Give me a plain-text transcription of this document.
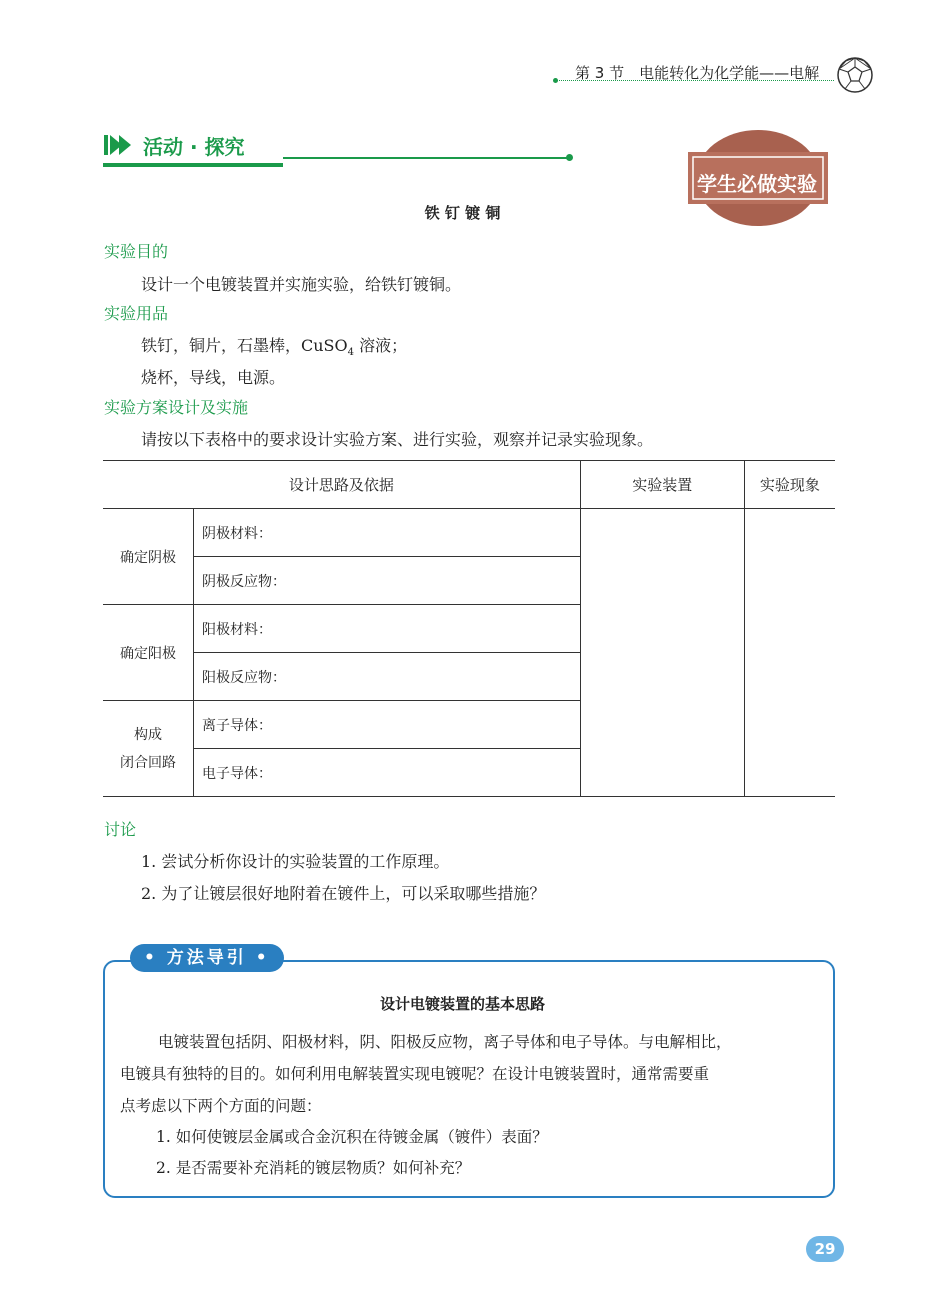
第 3 节　电能转化为化学能——电解
活动 · 探究
学生必做实验
铁 钉 镀 铜
实验目的
设计一个电镀装置并实施实验，给铁钉镀铜。
实验用品
铁钉，铜片，石墨棒，CuSO$_4$ 溶液；
烧杯，导线，电源。
实验方案设计及实施
请按以下表格中的要求设计实验方案、进行实验，观察并记录实验现象。
设计思路及依据		实验装置	实验现象
确定阴极	阴极材料：		
	阴极反应物：		
确定阳极	阳极材料：		
	阳极反应物：		
构成
闭合回路	离子导体：		
	电子导体：		
讨论
1. 尝试分析你设计的实验装置的工作原理。
2. 为了让镀层很好地附着在镀件上，可以采取哪些措施？
• 方法导引 •
设计电镀装置的基本思路
电镀装置包括阴、阳极材料，阴、阳极反应物，离子导体和电子导体。与电解相比，
电镀具有独特的目的。如何利用电解装置实现电镀呢？在设计电镀装置时，通常需要重
点考虑以下两个方面的问题：
1. 如何使镀层金属或合金沉积在待镀金属（镀件）表面？
2. 是否需要补充消耗的镀层物质？如何补充？
29
